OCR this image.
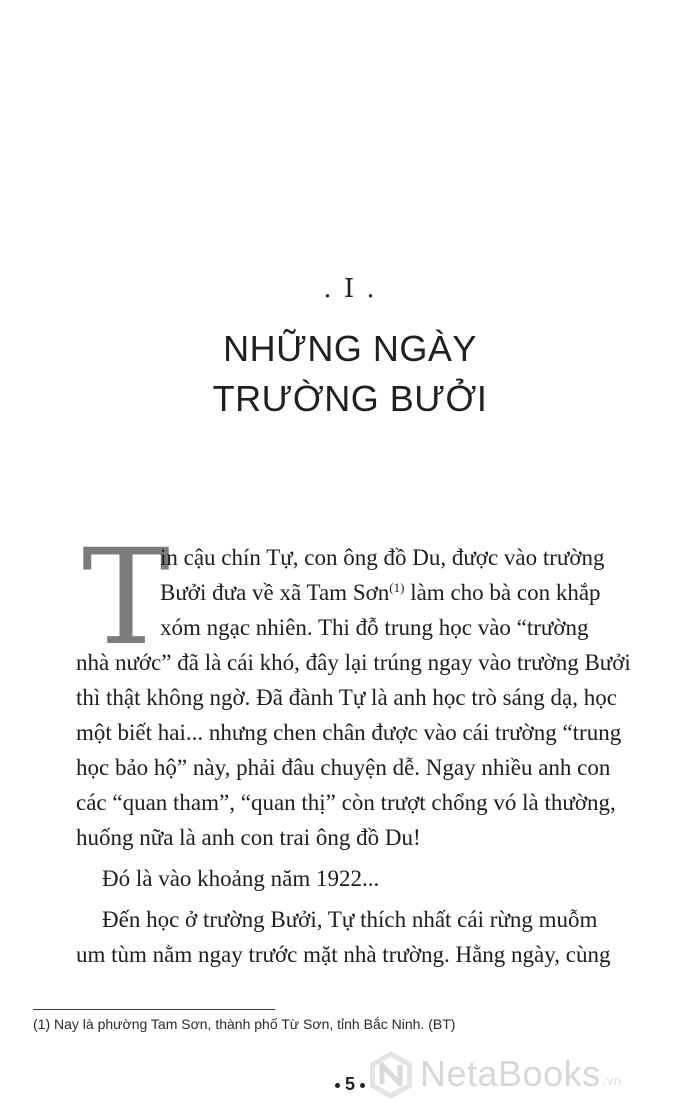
. I .
NHỮNG NGÀY
TRƯỜNG BƯỞI
T
in cậu chín Tự, con ông đồ Du, được vào trường
Bưởi đưa về xã Tam Sơn$^{(1)}$ làm cho bà con khắp
xóm ngạc nhiên. Thi đỗ trung học vào “trường
nhà nước” đã là cái khó, đây lại trúng ngay vào trường Bưởi
thì thật không ngờ. Đã đành Tự là anh học trò sáng dạ, học
một biết hai... nhưng chen chân được vào cái trường “trung
học bảo hộ” này, phải đâu chuyện dễ. Ngay nhiều anh con
các “quan tham”, “quan thị” còn trượt chổng vó là thường,
huống nữa là anh con trai ông đồ Du!
Đó là vào khoảng năm 1922...
Đến học ở trường Bưởi, Tự thích nhất cái rừng muỗm
um tùm nằm ngay trước mặt nhà trường. Hằng ngày, cùng
(1) Nay là phường Tam Sơn, thành phố Từ Sơn, tỉnh Bắc Ninh. (BT)
5	NetaBooks .vn
